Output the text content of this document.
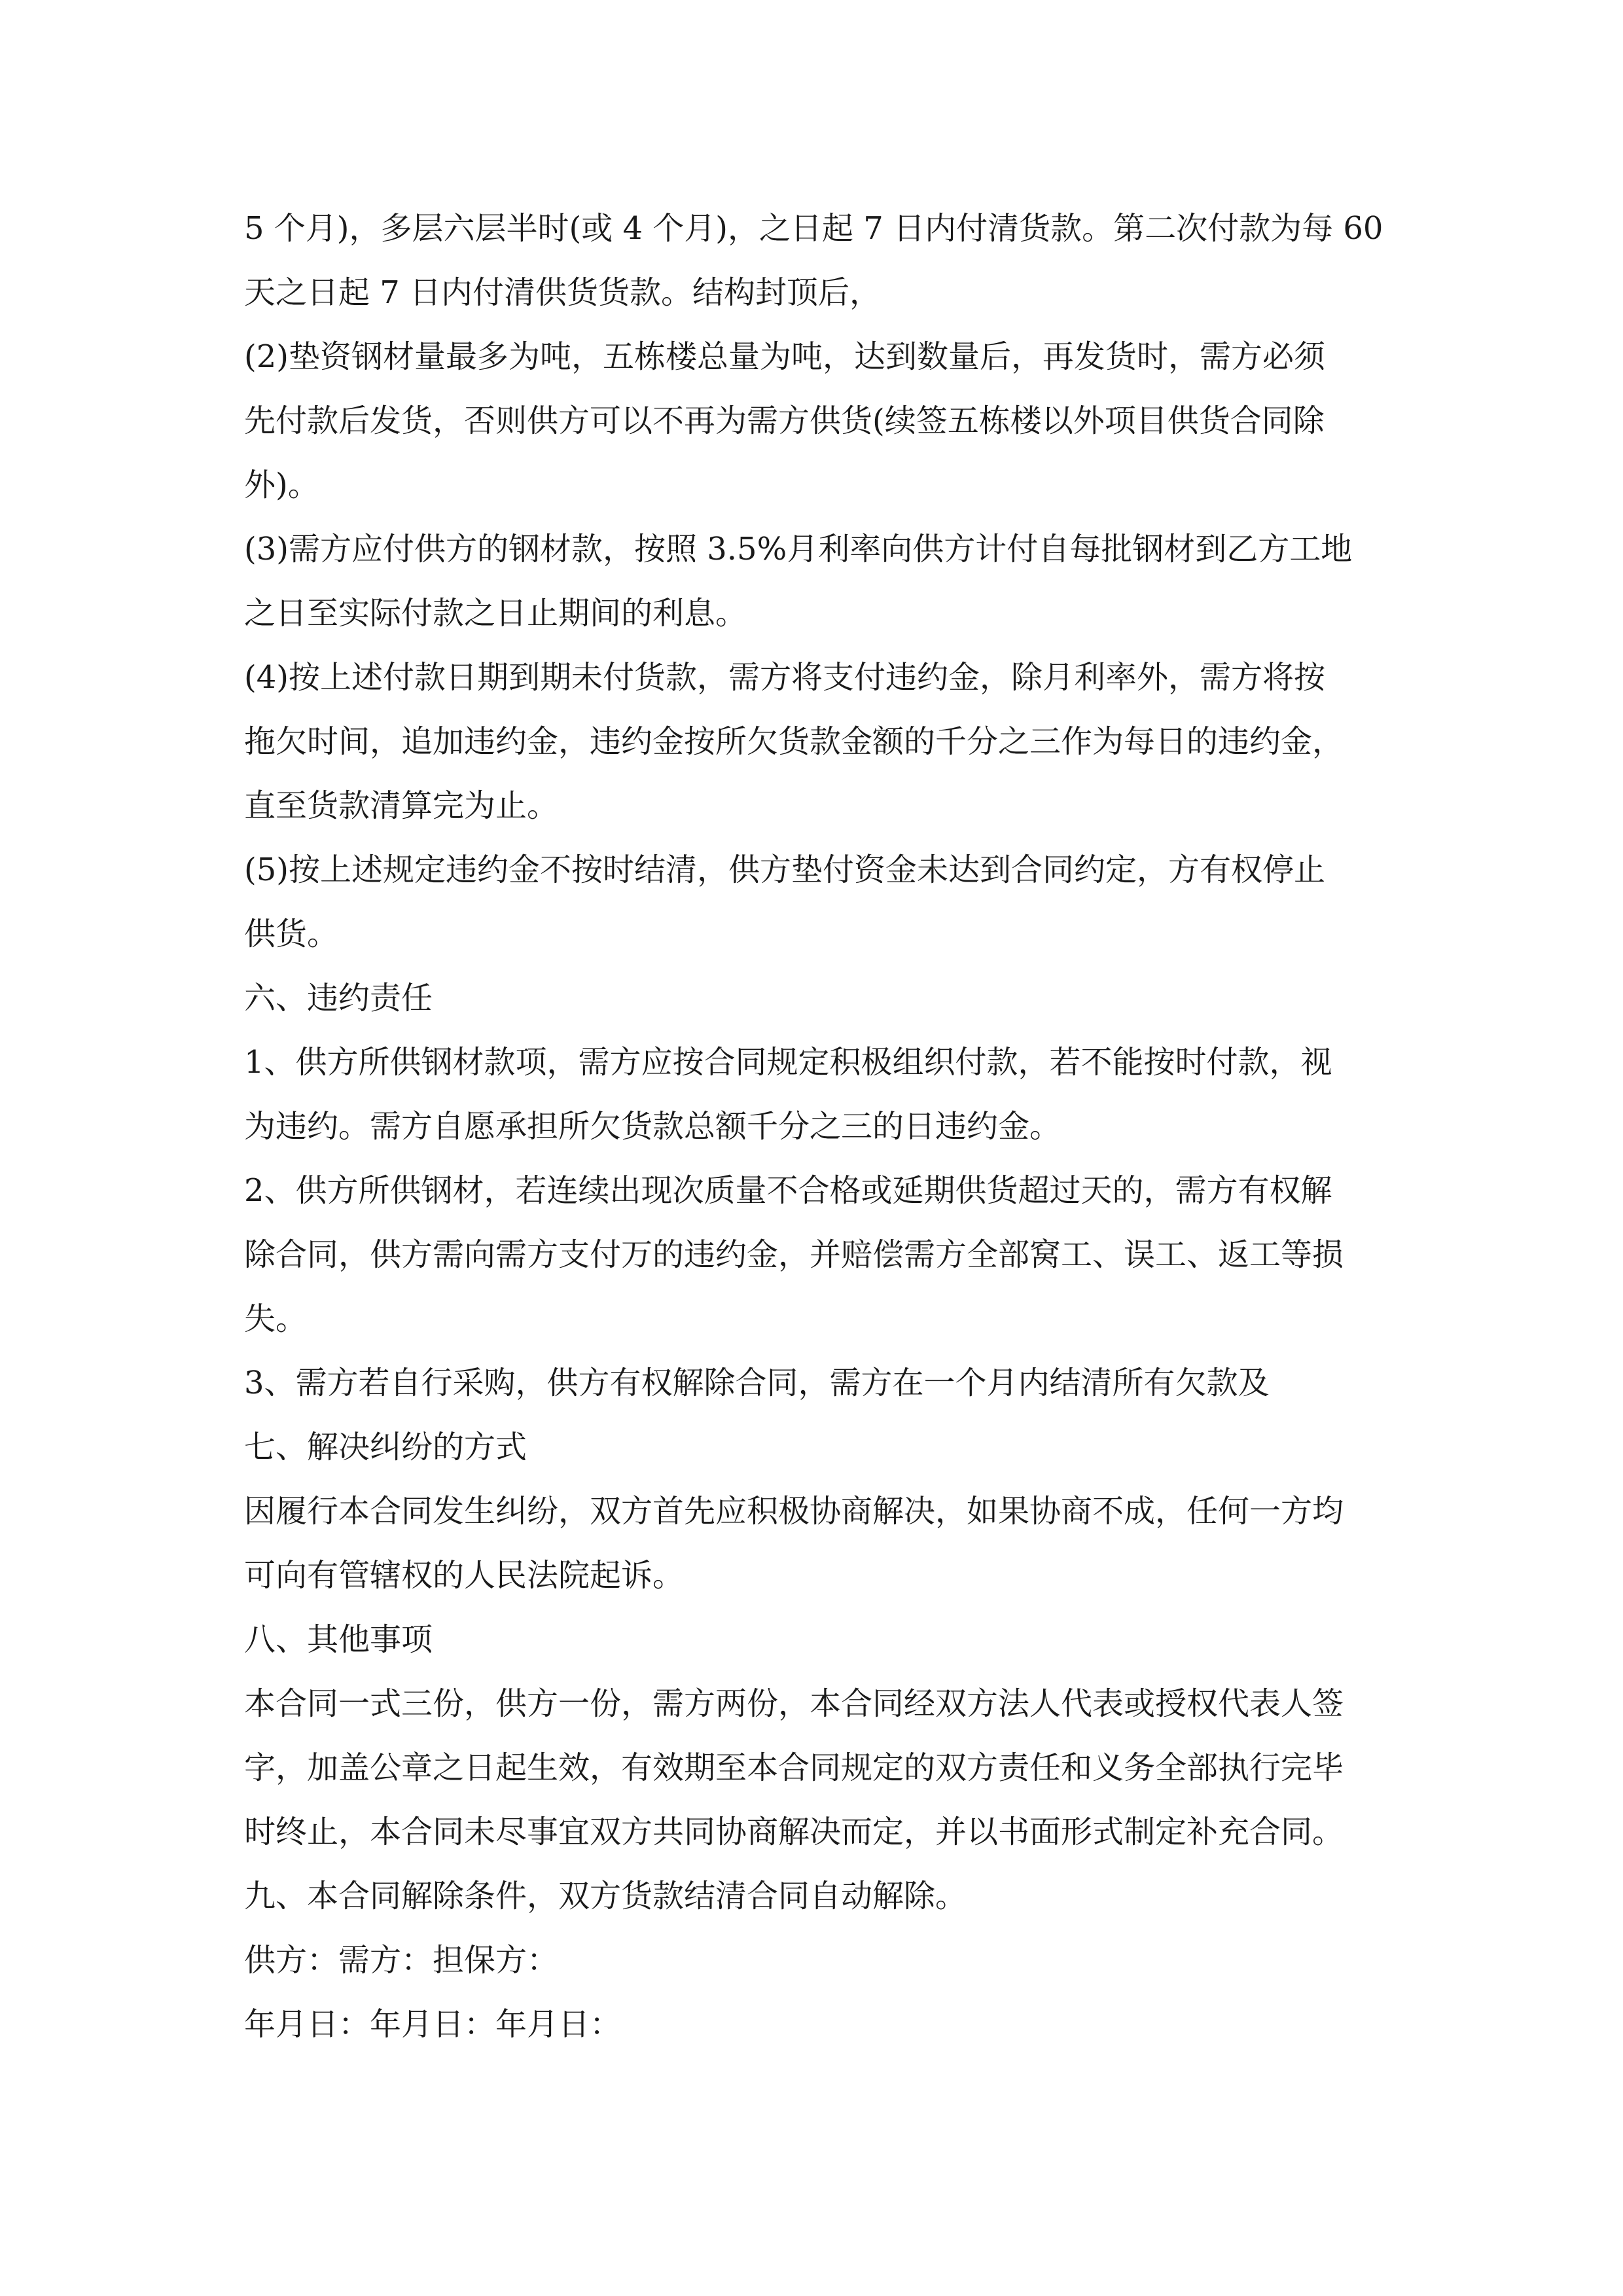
5 个月)，多层六层半时(或 4 个月)，之日起 7 日内付清货款。第二次付款为每 60
天之日起 7 日内付清供货货款。结构封顶后，
(2)垫资钢材量最多为吨，五栋楼总量为吨，达到数量后，再发货时，需方必须
先付款后发货，否则供方可以不再为需方供货(续签五栋楼以外项目供货合同除
外)。
(3)需方应付供方的钢材款，按照 3.5%月利率向供方计付自每批钢材到乙方工地
之日至实际付款之日止期间的利息。
(4)按上述付款日期到期未付货款，需方将支付违约金，除月利率外，需方将按
拖欠时间，追加违约金，违约金按所欠货款金额的千分之三作为每日的违约金，
直至货款清算完为止。
(5)按上述规定违约金不按时结清，供方垫付资金未达到合同约定，方有权停止
供货。
六、违约责任
1、供方所供钢材款项，需方应按合同规定积极组织付款，若不能按时付款，视
为违约。需方自愿承担所欠货款总额千分之三的日违约金。
2、供方所供钢材，若连续出现次质量不合格或延期供货超过天的，需方有权解
除合同，供方需向需方支付万的违约金，并赔偿需方全部窝工、误工、返工等损
失。
3、需方若自行采购，供方有权解除合同，需方在一个月内结清所有欠款及
七、解决纠纷的方式
因履行本合同发生纠纷，双方首先应积极协商解决，如果协商不成，任何一方均
可向有管辖权的人民法院起诉。
八、其他事项
本合同一式三份，供方一份，需方两份，本合同经双方法人代表或授权代表人签
字，加盖公章之日起生效，有效期至本合同规定的双方责任和义务全部执行完毕
时终止，本合同未尽事宜双方共同协商解决而定，并以书面形式制定补充合同。
九、本合同解除条件，双方货款结清合同自动解除。
供方：需方：担保方：
年月日：年月日：年月日：
